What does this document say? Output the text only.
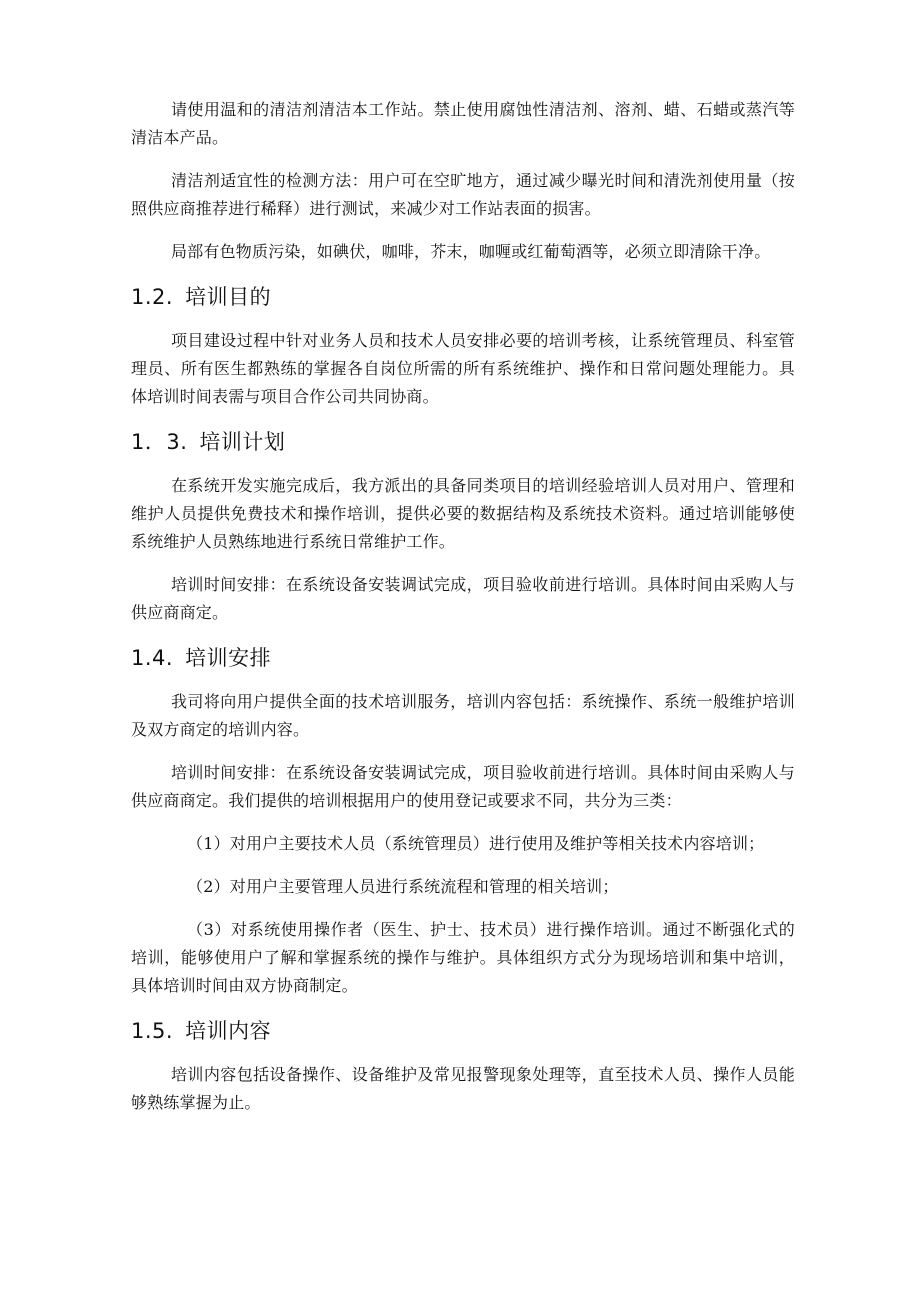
请使用温和的清洁剂清洁本工作站。禁止使用腐蚀性清洁剂、溶剂、蜡、石蜡或蒸汽等清洁本产品。

清洁剂适宜性的检测方法：用户可在空旷地方，通过减少曝光时间和清洗剂使用量（按照供应商推荐进行稀释）进行测试，来减少对工作站表面的损害。

局部有色物质污染，如碘伏，咖啡，芥末，咖喱或红葡萄酒等，必须立即清除干净。

1.2. 培训目的

项目建设过程中针对业务人员和技术人员安排必要的培训考核，让系统管理员、科室管理员、所有医生都熟练的掌握各自岗位所需的所有系统维护、操作和日常问题处理能力。具体培训时间表需与项目合作公司共同协商。

1．3. 培训计划

在系统开发实施完成后，我方派出的具备同类项目的培训经验培训人员对用户、管理和维护人员提供免费技术和操作培训，提供必要的数据结构及系统技术资料。通过培训能够使系统维护人员熟练地进行系统日常维护工作。

培训时间安排：在系统设备安装调试完成，项目验收前进行培训。具体时间由采购人与供应商商定。

1.4. 培训安排

我司将向用户提供全面的技术培训服务，培训内容包括：系统操作、系统一般维护培训及双方商定的培训内容。

培训时间安排：在系统设备安装调试完成，项目验收前进行培训。具体时间由采购人与供应商商定。我们提供的培训根据用户的使用登记或要求不同，共分为三类：

（1）对用户主要技术人员（系统管理员）进行使用及维护等相关技术内容培训；

（2）对用户主要管理人员进行系统流程和管理的相关培训；

（3）对系统使用操作者（医生、护士、技术员）进行操作培训。通过不断强化式的培训，能够使用户了解和掌握系统的操作与维护。具体组织方式分为现场培训和集中培训，具体培训时间由双方协商制定。

1.5. 培训内容

培训内容包括设备操作、设备维护及常见报警现象处理等，直至技术人员、操作人员能够熟练掌握为止。
